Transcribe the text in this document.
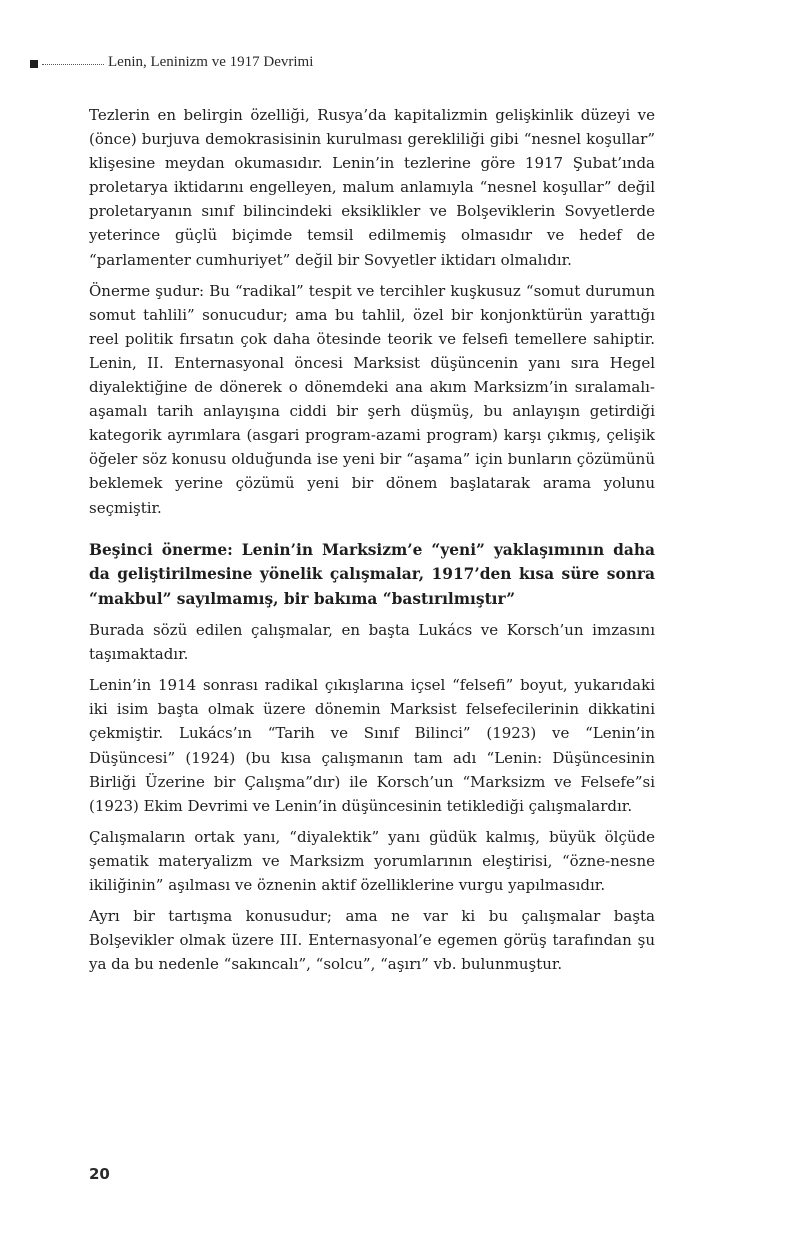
Lenin, Leninizm ve 1917 Devrimi

Tezlerin en belirgin özelliği, Rusya’da kapitalizmin gelişkinlik düzeyi ve (önce) burjuva demokrasisinin kurulması gerekliliği gibi “nesnel koşullar” klişesine meydan okumasıdır. Lenin’in tezlerine göre 1917 Şubat’ında proletarya iktidarını engelleyen, malum anlamıyla “nesnel koşullar” değil proletaryanın sınıf bilincindeki eksiklikler ve Bolşeviklerin Sovyetlerde yeterince güçlü biçimde temsil edilmemiş olmasıdır ve hedef de “parlamenter cumhuriyet” değil bir Sovyetler iktidarı olmalıdır.

Önerme şudur: Bu “radikal” tespit ve tercihler kuşkusuz “somut durumun somut tahlili” sonucudur; ama bu tahlil, özel bir konjonktürün yarattığı reel politik fırsatın çok daha ötesinde teorik ve felsefi temellere sahiptir. Lenin, II. Enternasyonal öncesi Marksist düşüncenin yanı sıra Hegel diyalektiğine de dönerek o dönemdeki ana akım Marksizm’in sıralamalı-aşamalı tarih anlayışına ciddi bir şerh düşmüş, bu anlayışın getirdiği kategorik ayrımlara (asgari program-azami program) karşı çıkmış, çelişik öğeler söz konusu olduğunda ise yeni bir “aşama” için bunların çözümünü beklemek yerine çözümü yeni bir dönem başlatarak arama yolunu seçmiştir.

Beşinci önerme: Lenin’in Marksizm’e “yeni” yaklaşımının daha da geliştirilmesine yönelik çalışmalar, 1917’den kısa süre sonra “makbul” sayılmamış, bir bakıma “bastırılmıştır”

Burada sözü edilen çalışmalar, en başta Lukács ve Korsch’un imzasını taşımaktadır.

Lenin’in 1914 sonrası radikal çıkışlarına içsel “felsefi” boyut, yukarıdaki iki isim başta olmak üzere dönemin Marksist felsefecilerinin dikkatini çekmiştir. Lukács’ın “Tarih ve Sınıf Bilinci” (1923) ve “Lenin’in Düşüncesi” (1924) (bu kısa çalışmanın tam adı “Lenin: Düşüncesinin Birliği Üzerine bir Çalışma”dır) ile Korsch’un “Marksizm ve Felsefe”si (1923) Ekim Devrimi ve Lenin’in düşüncesinin tetiklediği çalışmalardır.

Çalışmaların ortak yanı, “diyalektik” yanı güdük kalmış, büyük ölçüde şematik materyalizm ve Marksizm yorumlarının eleştirisi, “özne-nesne ikiliğinin” aşılması ve öznenin aktif özelliklerine vurgu yapılmasıdır.

Ayrı bir tartışma konusudur; ama ne var ki bu çalışmalar başta Bolşevikler olmak üzere III. Enternasyonal’e egemen görüş tarafından şu ya da bu nedenle “sakıncalı”, “solcu”, “aşırı” vb. bulunmuştur.

20
